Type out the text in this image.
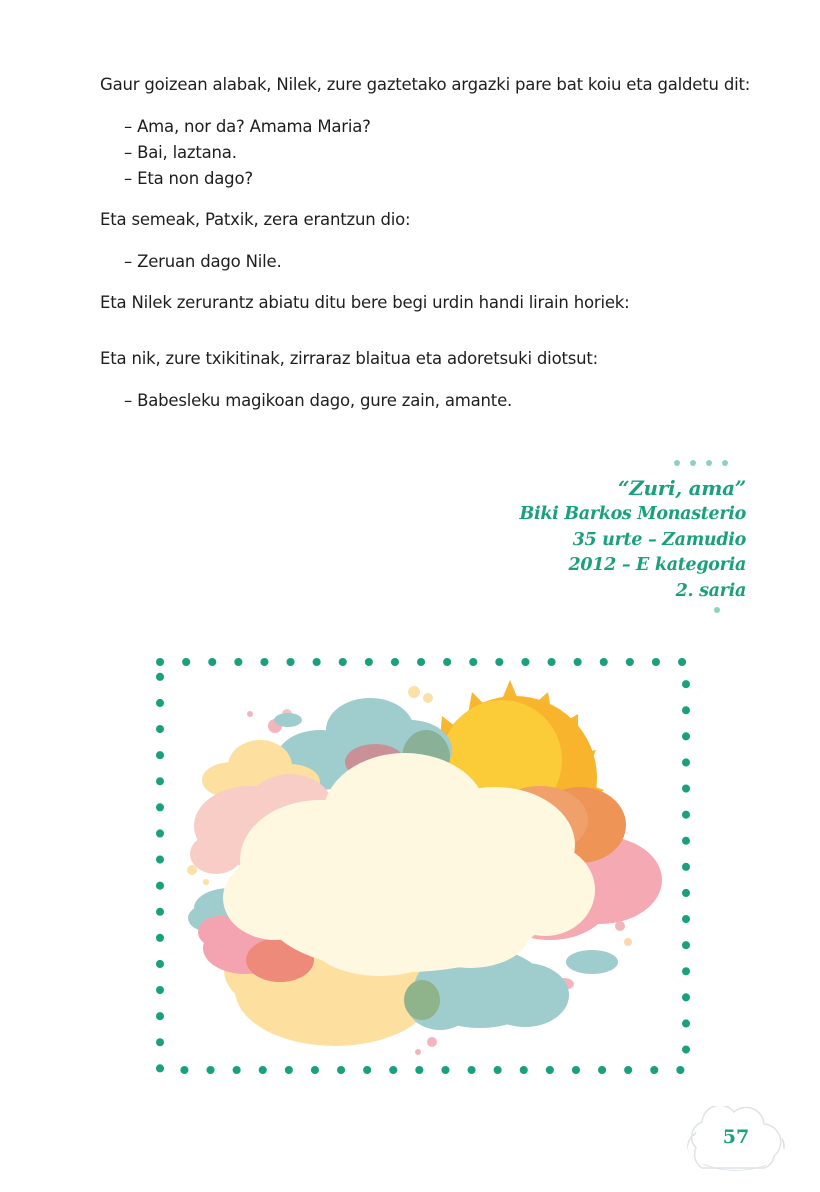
Gaur goizean alabak, Nilek, zure gaztetako argazki pare bat koiu eta galdetu dit:

– Ama, nor da? Amama Maria?

– Bai, laztana.

– Eta non dago?

Eta semeak, Patxik, zera erantzun dio:

– Zeruan dago Nile.

Eta Nilek zerurantz abiatu ditu bere begi urdin handi lirain horiek:

Eta nik, zure txikitinak, zirraraz blaitua eta adoretsuki diotsut:

– Babesleku magikoan dago, gure zain, amante.

“Zuri, ama”
Biki Barkos Monasterio
35 urte – Zamudio
2012 – E kategoria
2. saria
57
